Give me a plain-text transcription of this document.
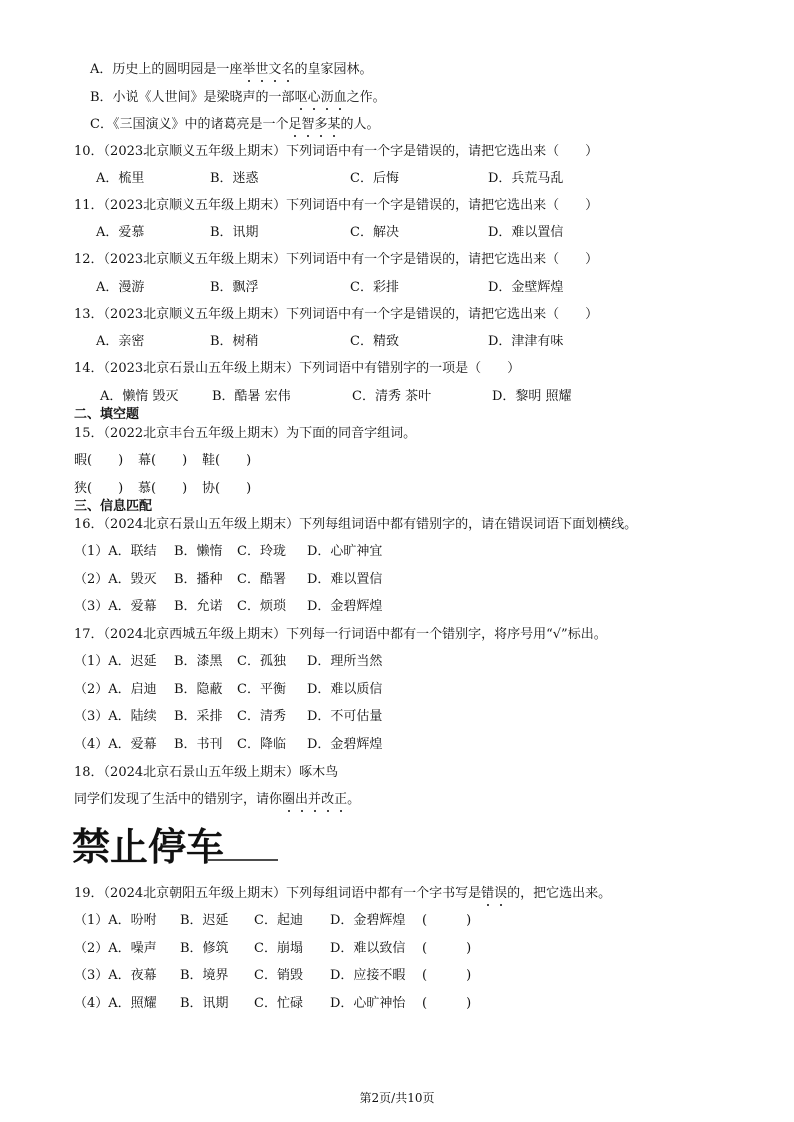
A．历史上的圆明园是一座举世文名的皇家园林。
B．小说《人世间》是梁晓声的一部呕心沥血之作。
C．《三国演义》中的诸葛亮是一个足智多某的人。
10．（2023北京顺义五年级上期末）下列词语中有一个字是错误的，请把它选出来（　　）
A．梳里	B．迷惑	C．后悔	D．兵荒马乱
11．（2023北京顺义五年级上期末）下列词语中有一个字是错误的，请把它选出来（　　）
A．爱慕	B．讯期	C．解决	D．难以置信
12．（2023北京顺义五年级上期末）下列词语中有一个字是错误的，请把它选出来（　　）
A．漫游	B．飘浮	C．彩排	D．金壁辉煌
13．（2023北京顺义五年级上期末）下列词语中有一个字是错误的，请把它选出来（　　）
A．亲密	B．树稍	C．精致	D．津津有味
14．（2023北京石景山五年级上期末）下列词语中有错别字的一项是（　　）
A．懒惰 毁灭	B．酷暑 宏伟	C．清秀 茶叶	D．黎明 照耀
二、填空题
15．（2022北京丰台五年级上期末）为下面的同音字组词。
暇(　　) 幕(　　) 鞋(　　)
狭(　　) 慕(　　) 协(　　)
三、信息匹配
16．（2024北京石景山五年级上期末）下列每组词语中都有错别字的，请在错误词语下面划横线。
（1）A．联结 B．懒惰 C．玲珑 D．心旷神宜
（2）A．毁灭 B．播种 C．酷署 D．难以置信
（3）A．爱幕 B．允诺 C．烦琐 D．金碧辉煌
17．（2024北京西城五年级上期末）下列每一行词语中都有一个错别字，将序号用“√”标出。
（1）A．迟延 B．漆黑 C．孤独 D．理所当然
（2）A．启迪 B．隐蔽 C．平衡 D．难以质信
（3）A．陆续 B．采排 C．清秀 D．不可估量
（4）A．爱幕 B．书刊 C．降临 D．金碧辉煌
18．（2024北京石景山五年级上期末）啄木鸟
同学们发现了生活中的错别字，请你圈出并改正。
禁止停车
19．（2024北京朝阳五年级上期末）下列每组词语中都有一个字书写是错误的，把它选出来。
（1）A．吩咐 B．迟延 C．起迪 D．金碧辉煌 (　　　)
（2）A．噪声 B．修筑 C．崩塌 D．难以致信 (　　　)
（3）A．夜幕 B．境界 C．销毁 D．应接不暇 (　　　)
（4）A．照耀 B．讯期 C．忙碌 D．心旷神怡 (　　　)
第2页/共10页
